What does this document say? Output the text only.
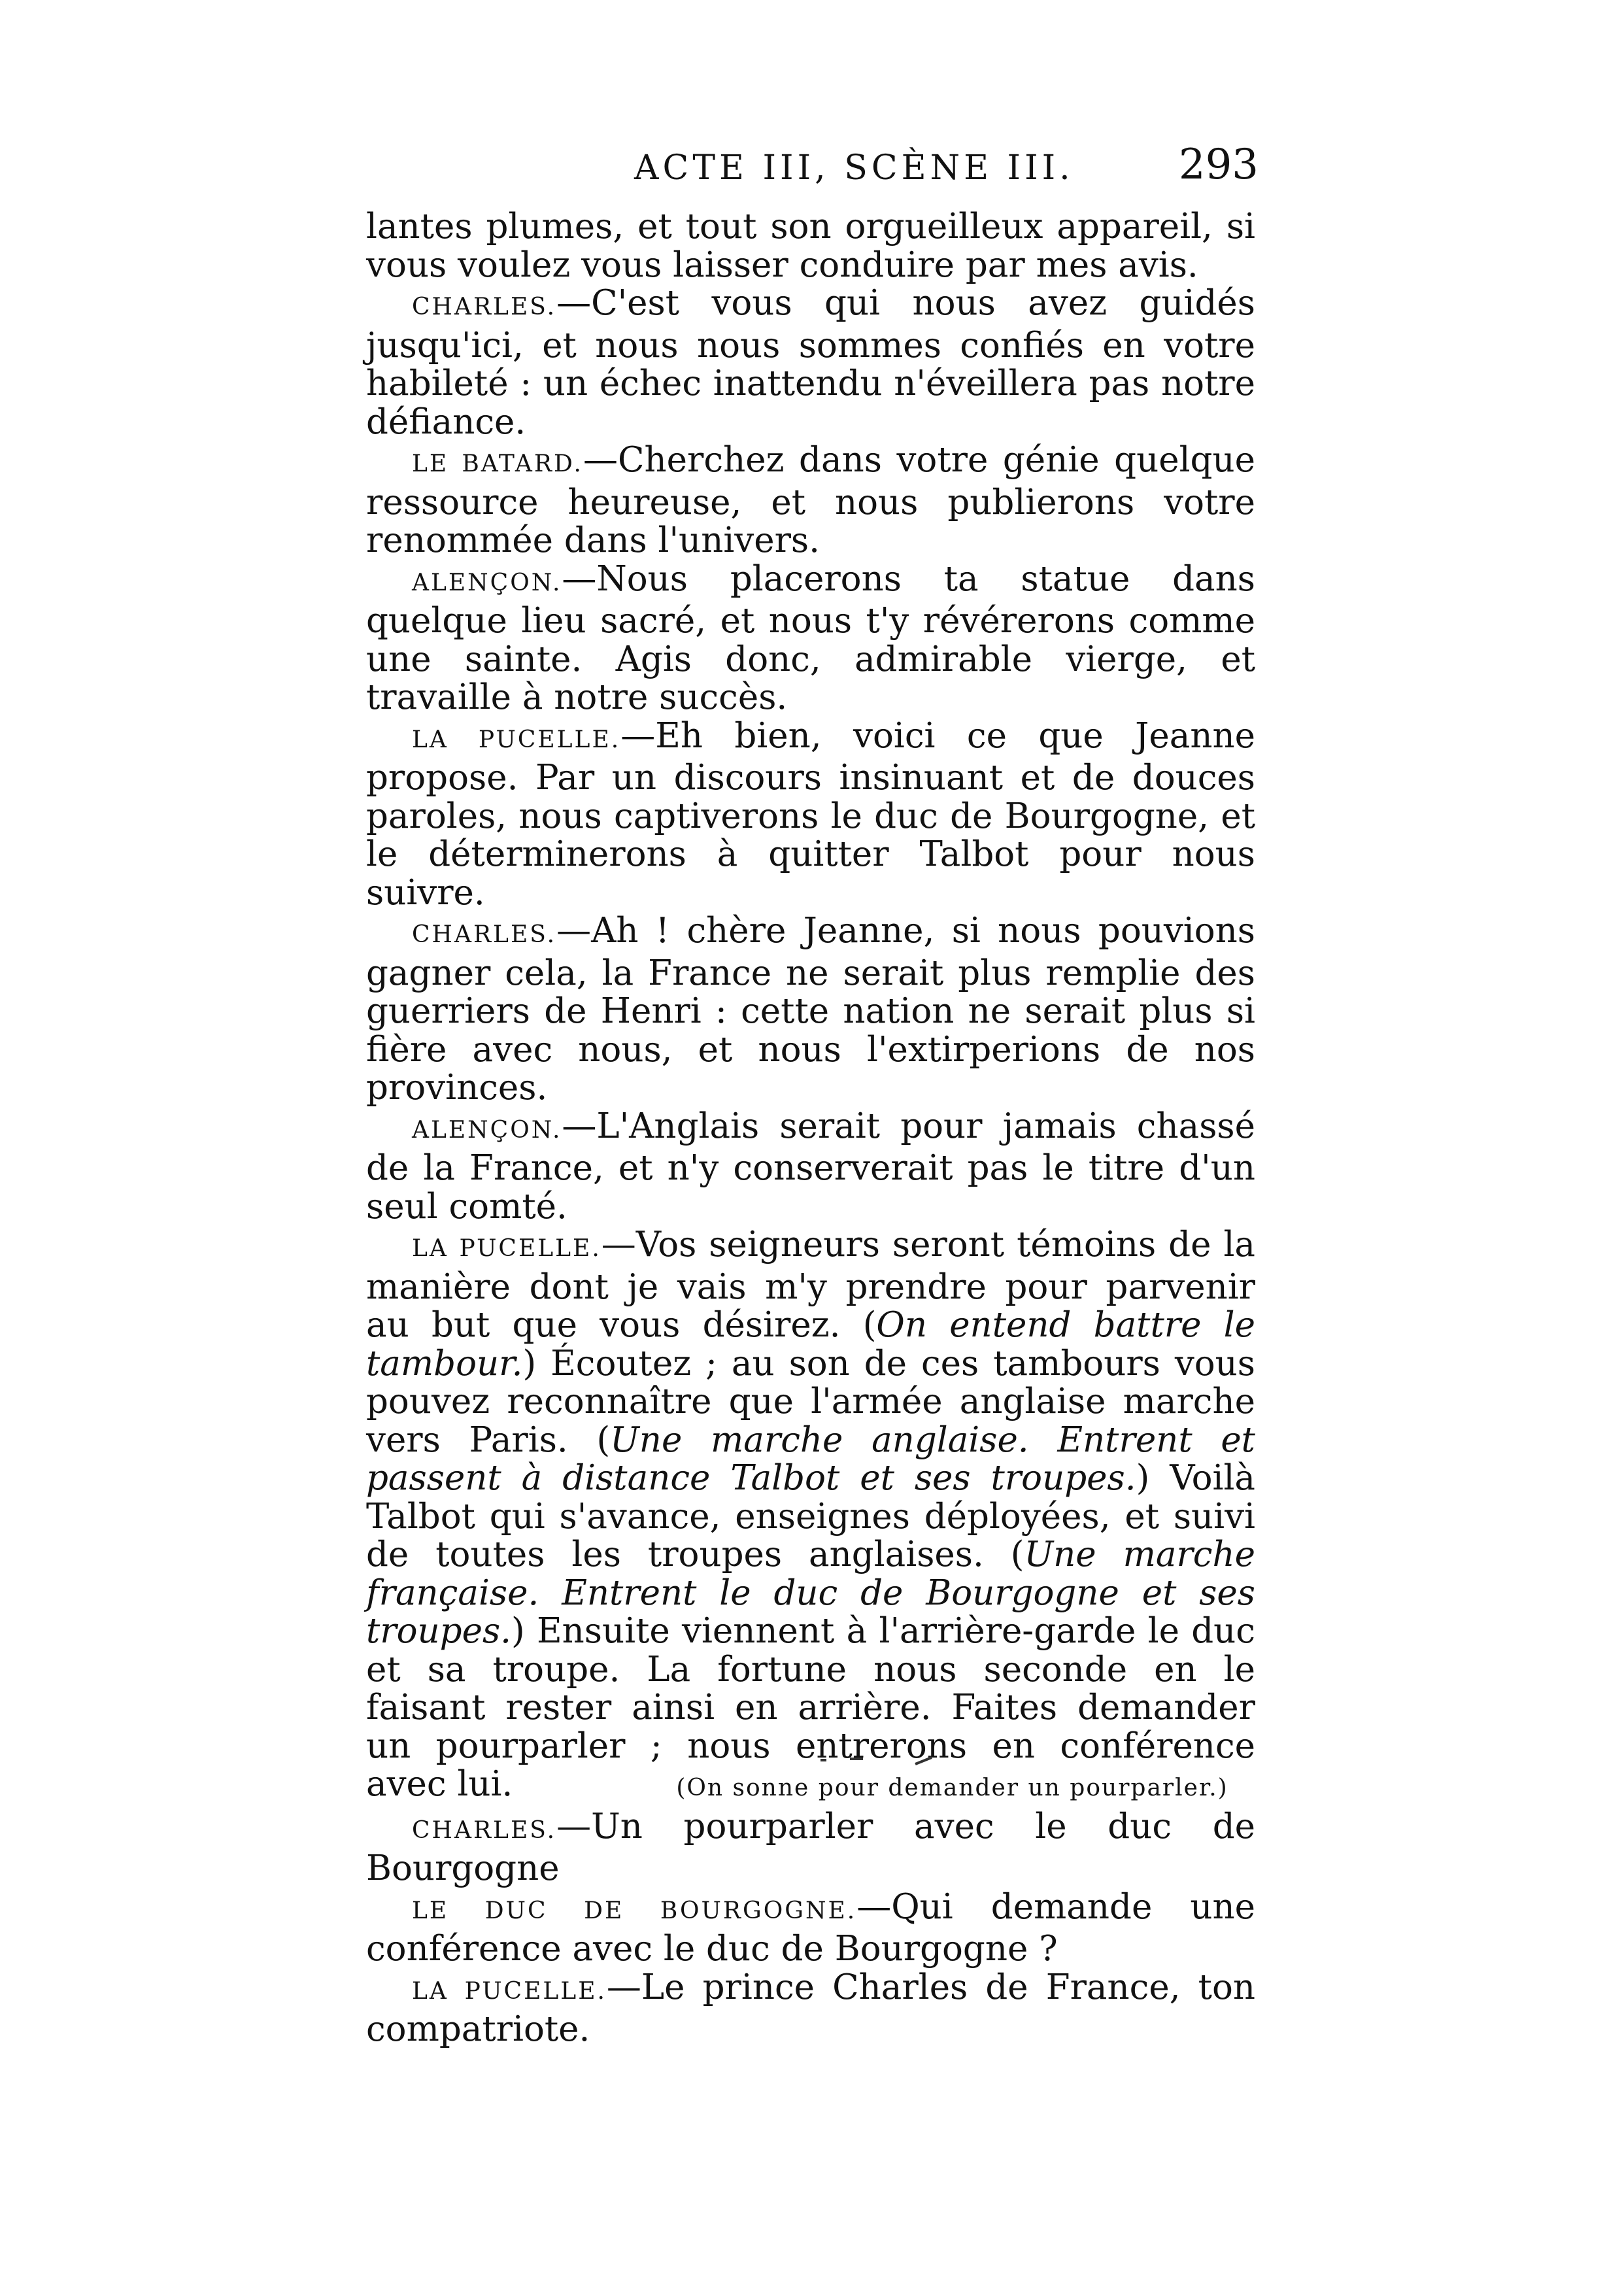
ACTE III, SCÈNE III.	293

lantes plumes, et tout son orgueilleux appareil, si vous voulez vous laisser conduire par mes avis.

CHARLES.—C'est vous qui nous avez guidés jusqu'ici, et nous nous sommes confiés en votre habileté : un échec inattendu n'éveillera pas notre défiance.

LE BATARD.—Cherchez dans votre génie quelque ressource heureuse, et nous publierons votre renommée dans l'univers.

ALENÇON.—Nous placerons ta statue dans quelque lieu sacré, et nous t'y révérerons comme une sainte. Agis donc, admirable vierge, et travaille à notre succès.

LA PUCELLE.—Eh bien, voici ce que Jeanne propose. Par un discours insinuant et de douces paroles, nous captiverons le duc de Bourgogne, et le déterminerons à quitter Talbot pour nous suivre.

CHARLES.—Ah ! chère Jeanne, si nous pouvions gagner cela, la France ne serait plus remplie des guerriers de Henri : cette nation ne serait plus si fière avec nous, et nous l'extirperions de nos provinces.

ALENÇON.—L'Anglais serait pour jamais chassé de la France, et n'y conserverait pas le titre d'un seul comté.

LA PUCELLE.—Vos seigneurs seront témoins de la manière dont je vais m'y prendre pour parvenir au but que vous désirez. (On entend battre le tambour.) Écoutez ; au son de ces tambours vous pouvez reconnaître que l'armée anglaise marche vers Paris. (Une marche anglaise. Entrent et passent à distance Talbot et ses troupes.) Voilà Talbot qui s'avance, enseignes déployées, et suivi de toutes les troupes anglaises. (Une marche française. Entrent le duc de Bourgogne et ses troupes.) Ensuite viennent à l'arrière-garde le duc et sa troupe. La fortune nous seconde en le faisant rester ainsi en arrière. Faites demander un pourparler ; nous entrerons en conférence avec lui.	(On sonne pour demander un pourparler.)

CHARLES.—Un pourparler avec le duc de Bourgogne

LE DUC DE BOURGOGNE.—Qui demande une conférence avec le duc de Bourgogne ?

LA PUCELLE.—Le prince Charles de France, ton compatriote.
